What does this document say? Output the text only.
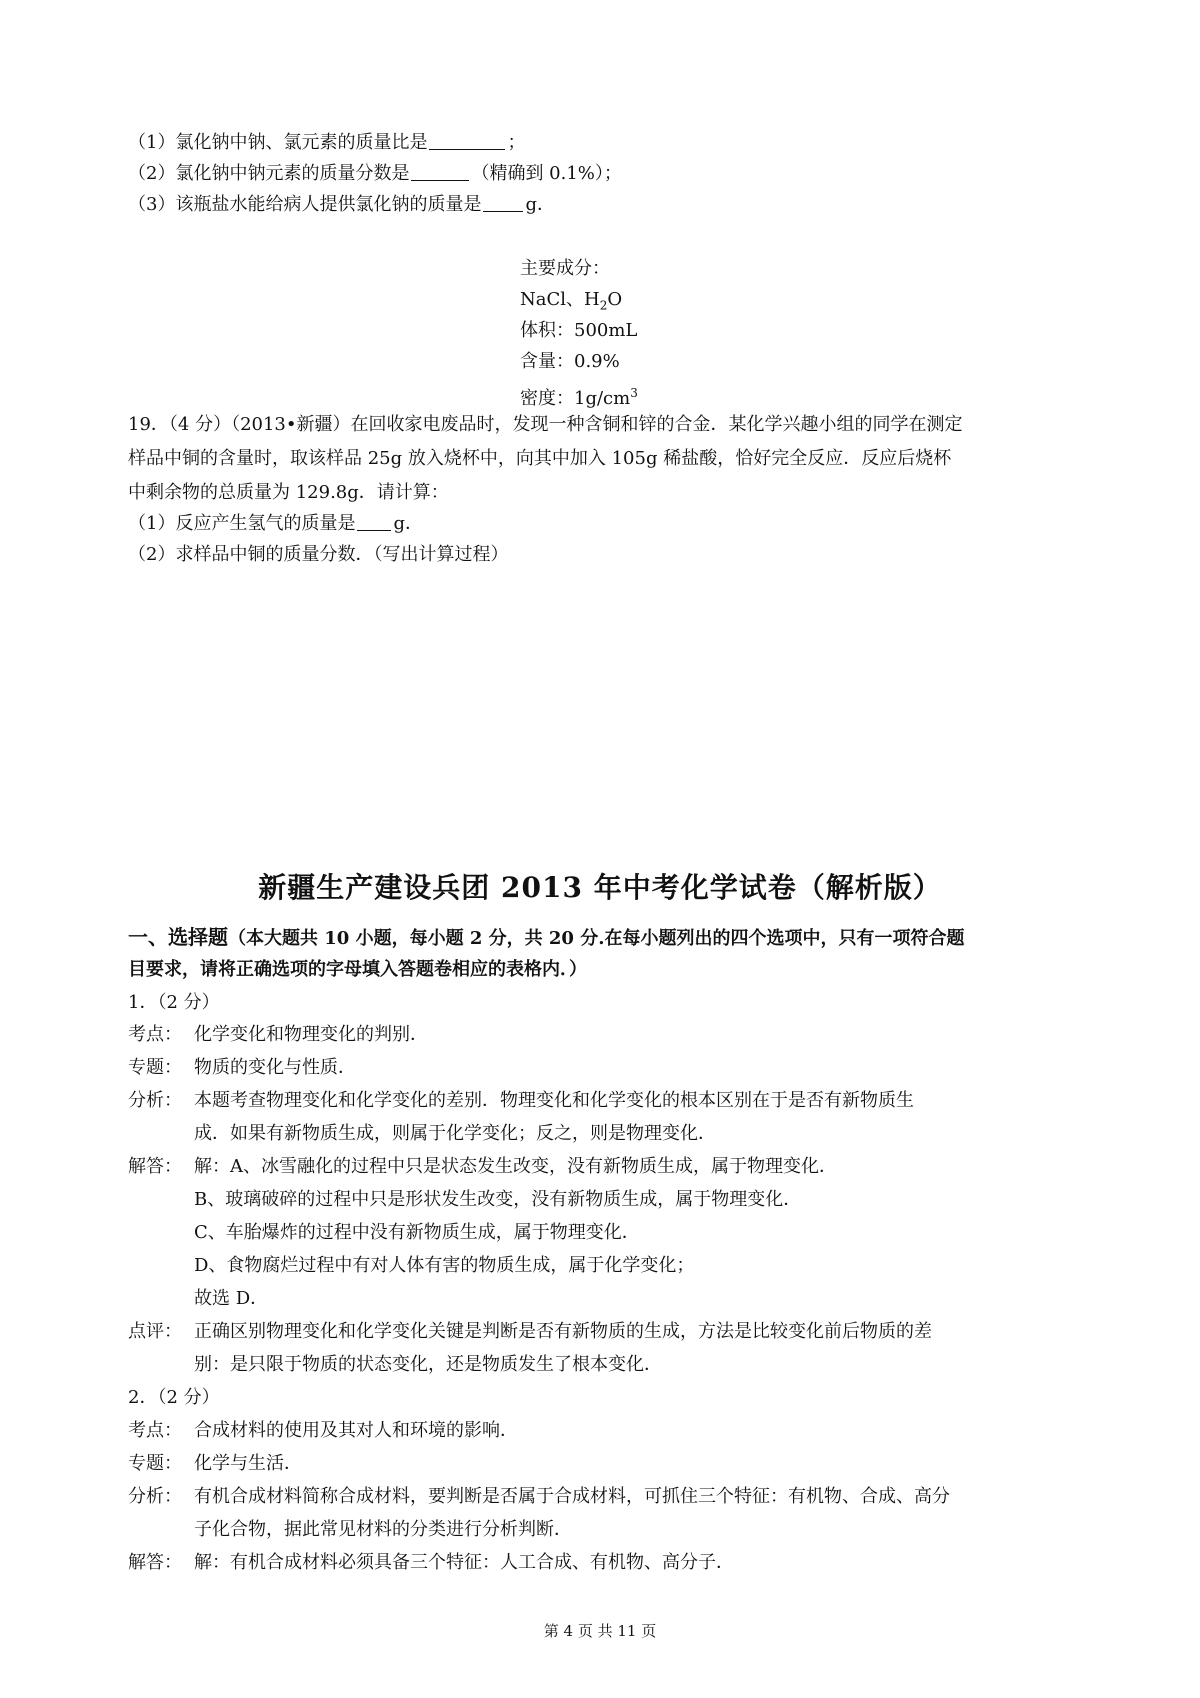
（1）氯化钠中钠、氯元素的质量比是	；
（2）氯化钠中钠元素的质量分数是	（精确到 0.1%）；
（3）该瓶盐水能给病人提供氯化钠的质量是 g．
主要成分：
NaCl、$H_2O$
体积：500mL
含量：0.9%
密度：$1g/cm^3$
19．（4 分）（2013•新疆）在回收家电废品时，发现一种含铜和锌的合金．某化学兴趣小组的同学在测定
样品中铜的含量时，取该样品 25g 放入烧杯中，向其中加入 105g 稀盐酸，恰好完全反应．反应后烧杯
中剩余物的总质量为 129.8g．请计算：
（1）反应产生氢气的质量是 g．
（2）求样品中铜的质量分数．（写出计算过程）
新疆生产建设兵团 2013 年中考化学试卷（解析版）
一、选择题（本大题共 10 小题，每小题 2 分，共 20 分.在每小题列出的四个选项中，只有一项符合题
目要求，请将正确选项的字母填入答题卷相应的表格内．）
1．（2 分）
考点： 化学变化和物理变化的判别．
专题： 物质的变化与性质．
分析： 本题考查物理变化和化学变化的差别．物理变化和化学变化的根本区别在于是否有新物质生
成．如果有新物质生成，则属于化学变化；反之，则是物理变化．
解答： 解：A、冰雪融化的过程中只是状态发生改变，没有新物质生成，属于物理变化．
B、玻璃破碎的过程中只是形状发生改变，没有新物质生成，属于物理变化．
C、车胎爆炸的过程中没有新物质生成，属于物理变化．
D、食物腐烂过程中有对人体有害的物质生成，属于化学变化；
故选 D．
点评： 正确区别物理变化和化学变化关键是判断是否有新物质的生成，方法是比较变化前后物质的差
别：是只限于物质的状态变化，还是物质发生了根本变化．
2．（2 分）
考点： 合成材料的使用及其对人和环境的影响．
专题： 化学与生活．
分析： 有机合成材料简称合成材料，要判断是否属于合成材料，可抓住三个特征：有机物、合成、高分
子化合物，据此常见材料的分类进行分析判断．
解答： 解：有机合成材料必须具备三个特征：人工合成、有机物、高分子．
第 4 页 共 11 页
